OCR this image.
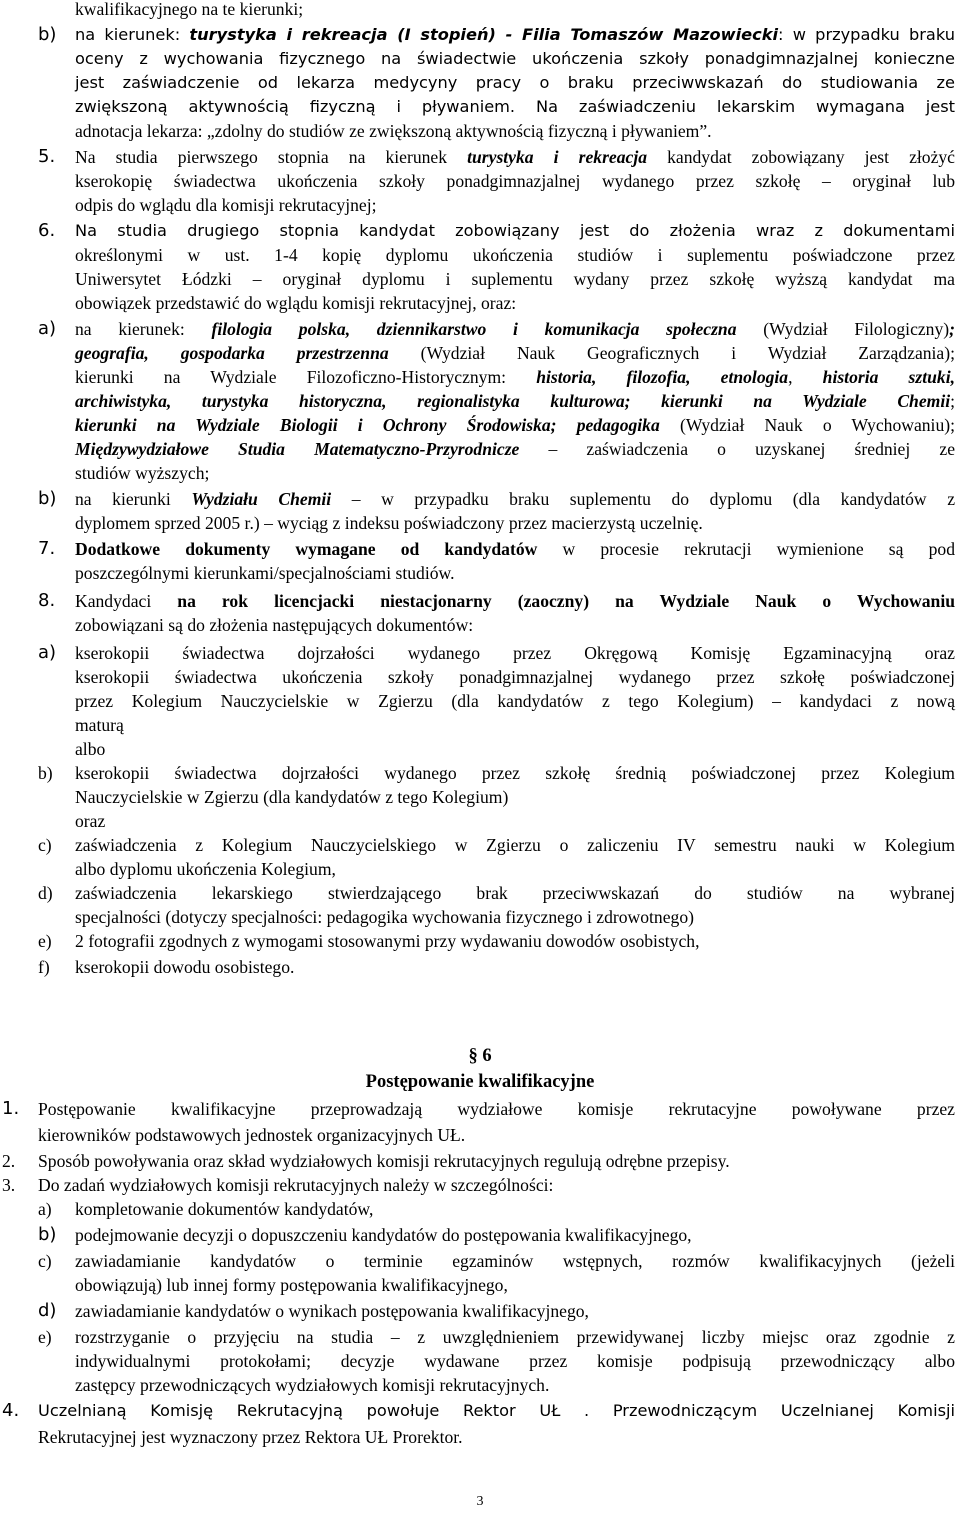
kwalifikacyjnego na te kierunki;
b) na kierunek: turystyka i rekreacja (I stopień) - Filia Tomaszów Mazowiecki: w przypadku braku
oceny z wychowania fizycznego na świadectwie ukończenia szkoły ponadgimnazjalnej konieczne
jest zaświadczenie od lekarza medycyny pracy o braku przeciwwskazań do studiowania ze
zwiększoną aktywnością fizyczną i pływaniem. Na zaświadczeniu lekarskim wymagana jest
adnotacja lekarza: „zdolny do studiów ze zwiększoną aktywnością fizyczną i pływaniem”.
5. Na studia pierwszego stopnia na kierunek turystyka i rekreacja kandydat zobowiązany jest złożyć
kserokopię świadectwa ukończenia szkoły ponadgimnazjalnej wydanego przez szkołę – oryginał lub
odpis do wglądu dla komisji rekrutacyjnej;
6. Na studia drugiego stopnia kandydat zobowiązany jest do złożenia wraz z dokumentami
określonymi w ust. 1-4 kopię dyplomu ukończenia studiów i suplementu poświadczone przez
Uniwersytet Łódzki – oryginał dyplomu i suplementu wydany przez szkołę wyższą kandydat ma
obowiązek przedstawić do wglądu komisji rekrutacyjnej, oraz:
a) na kierunek: filologia polska, dziennikarstwo i komunikacja społeczna (Wydział Filologiczny);
geografia, gospodarka przestrzenna (Wydział Nauk Geograficznych i Wydział Zarządzania);
kierunki na Wydziale Filozoficzno-Historycznym: historia, filozofia, etnologia, historia sztuki,
archiwistyka, turystyka historyczna, regionalistyka kulturowa; kierunki na Wydziale Chemii;
kierunki na Wydziale Biologii i Ochrony Środowiska; pedagogika (Wydział Nauk o Wychowaniu);
Międzywydziałowe Studia Matematyczno-Przyrodnicze – zaświadczenia o uzyskanej średniej ze
studiów wyższych;
b) na kierunki Wydziału Chemii – w przypadku braku suplementu do dyplomu (dla kandydatów z
dyplomem sprzed 2005 r.) – wyciąg z indeksu poświadczony przez macierzystą uczelnię.
7. Dodatkowe dokumenty wymagane od kandydatów w procesie rekrutacji wymienione są pod
poszczególnymi kierunkami/specjalnościami studiów.
8. Kandydaci na rok licencjacki niestacjonarny (zaoczny) na Wydziale Nauk o Wychowaniu
zobowiązani są do złożenia następujących dokumentów:
a) kserokopii świadectwa dojrzałości wydanego przez Okręgową Komisję Egzaminacyjną oraz
kserokopii świadectwa ukończenia szkoły ponadgimnazjalnej wydanego przez szkołę poświadczonej
przez Kolegium Nauczycielskie w Zgierzu (dla kandydatów z tego Kolegium) – kandydaci z nową
maturą
albo
b) kserokopii świadectwa dojrzałości wydanego przez szkołę średnią poświadczonej przez Kolegium
Nauczycielskie w Zgierzu (dla kandydatów z tego Kolegium)
oraz
c) zaświadczenia z Kolegium Nauczycielskiego w Zgierzu o zaliczeniu IV semestru nauki w Kolegium
albo dyplomu ukończenia Kolegium,
d) zaświadczenia lekarskiego stwierdzającego brak przeciwwskazań do studiów na wybranej
specjalności (dotyczy specjalności: pedagogika wychowania fizycznego i zdrowotnego)
e) 2 fotografii zgodnych z wymogami stosowanymi przy wydawaniu dowodów osobistych,
f) kserokopii dowodu osobistego.
§ 6
Postępowanie kwalifikacyjne
1. Postępowanie kwalifikacyjne przeprowadzają wydziałowe komisje rekrutacyjne powoływane przez
kierowników podstawowych jednostek organizacyjnych UŁ.
2. Sposób powoływania oraz skład wydziałowych komisji rekrutacyjnych regulują odrębne przepisy.
3. Do zadań wydziałowych komisji rekrutacyjnych należy w szczególności:
a) kompletowanie dokumentów kandydatów,
b) podejmowanie decyzji o dopuszczeniu kandydatów do postępowania kwalifikacyjnego,
c) zawiadamianie kandydatów o terminie egzaminów wstępnych, rozmów kwalifikacyjnych (jeżeli
obowiązują) lub innej formy postępowania kwalifikacyjnego,
d) zawiadamianie kandydatów o wynikach postępowania kwalifikacyjnego,
e) rozstrzyganie o przyjęciu na studia – z uwzględnieniem przewidywanej liczby miejsc oraz zgodnie z
indywidualnymi protokołami; decyzje wydawane przez komisje podpisują przewodniczący albo
zastępcy przewodniczących wydziałowych komisji rekrutacyjnych.
4. Uczelnianą Komisję Rekrutacyjną powołuje Rektor UŁ . Przewodniczącym Uczelnianej Komisji
Rekrutacyjnej jest wyznaczony przez Rektora UŁ Prorektor.
3
